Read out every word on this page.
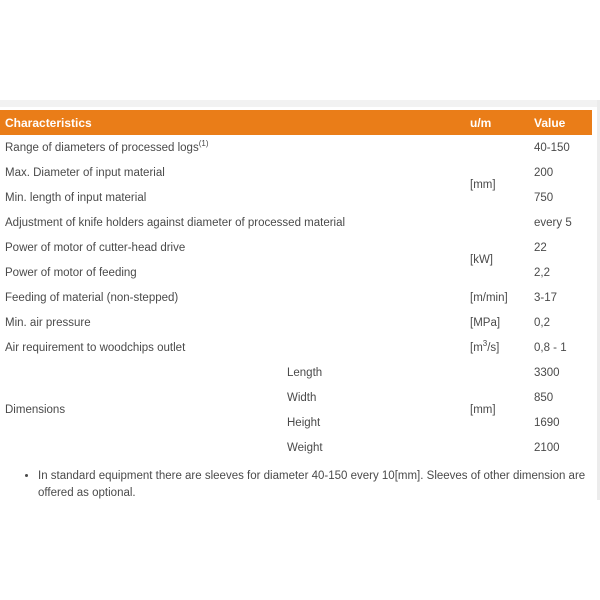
Characteristics		u/m	Value
Range of diameters of processed logs$^{(1)}$			40-150
Max. Diameter of input material		[mm]	200
Min. length of input material			750
Adjustment of knife holders against diameter of processed material			every 5
Power of motor of cutter-head drive		[kW]	22
Power of motor of feeding			2,2
Feeding of material (non-stepped)		[m/min]	3-17
Min. air pressure		[MPa]	0,2
Air requirement to woodchips outlet		$[m^3/s]$	0,8 - 1
Dimensions	Length	[mm]	3300
	Width		850
	Height		1690
	Weight		2100
• In standard equipment there are sleeves for diameter 40-150 every 10[mm]. Sleeves of other dimension are offered as optional.
